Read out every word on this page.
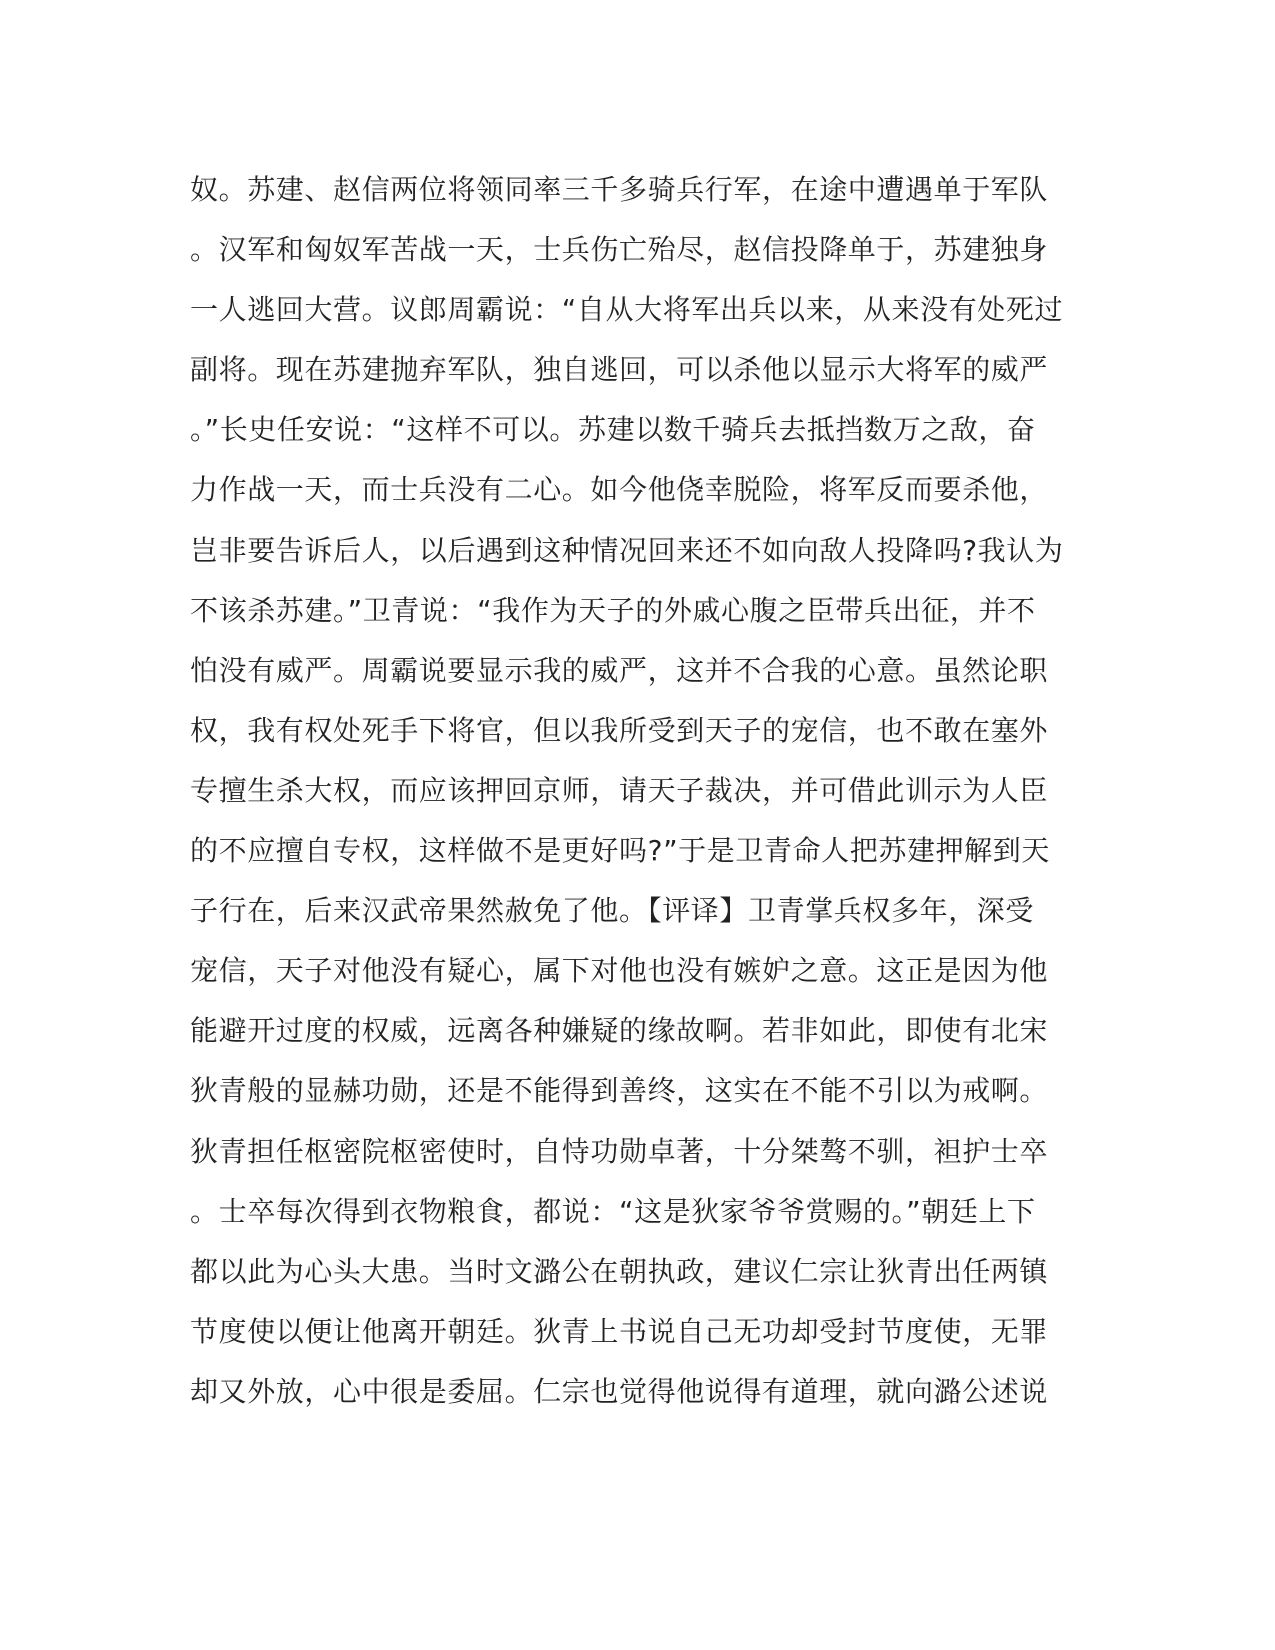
奴。苏建、赵信两位将领同率三千多骑兵行军，在途中遭遇单于军队
。汉军和匈奴军苦战一天，士兵伤亡殆尽，赵信投降单于，苏建独身
一人逃回大营。议郎周霸说：“自从大将军出兵以来，从来没有处死过
副将。现在苏建抛弃军队，独自逃回，可以杀他以显示大将军的威严
。”长史任安说：“这样不可以。苏建以数千骑兵去抵挡数万之敌，奋
力作战一天，而士兵没有二心。如今他侥幸脱险，将军反而要杀他，
岂非要告诉后人，以后遇到这种情况回来还不如向敌人投降吗?我认为
不该杀苏建。”卫青说：“我作为天子的外戚心腹之臣带兵出征，并不
怕没有威严。周霸说要显示我的威严，这并不合我的心意。虽然论职
权，我有权处死手下将官，但以我所受到天子的宠信，也不敢在塞外
专擅生杀大权，而应该押回京师，请天子裁决，并可借此训示为人臣
的不应擅自专权，这样做不是更好吗?”于是卫青命人把苏建押解到天
子行在，后来汉武帝果然赦免了他。【评译】卫青掌兵权多年，深受
宠信，天子对他没有疑心，属下对他也没有嫉妒之意。这正是因为他
能避开过度的权威，远离各种嫌疑的缘故啊。若非如此，即使有北宋
狄青般的显赫功勋，还是不能得到善终，这实在不能不引以为戒啊。
狄青担任枢密院枢密使时，自恃功勋卓著，十分桀骜不驯，袒护士卒
。士卒每次得到衣物粮食，都说：“这是狄家爷爷赏赐的。”朝廷上下
都以此为心头大患。当时文潞公在朝执政，建议仁宗让狄青出任两镇
节度使以便让他离开朝廷。狄青上书说自己无功却受封节度使，无罪
却又外放，心中很是委屈。仁宗也觉得他说得有道理，就向潞公述说
